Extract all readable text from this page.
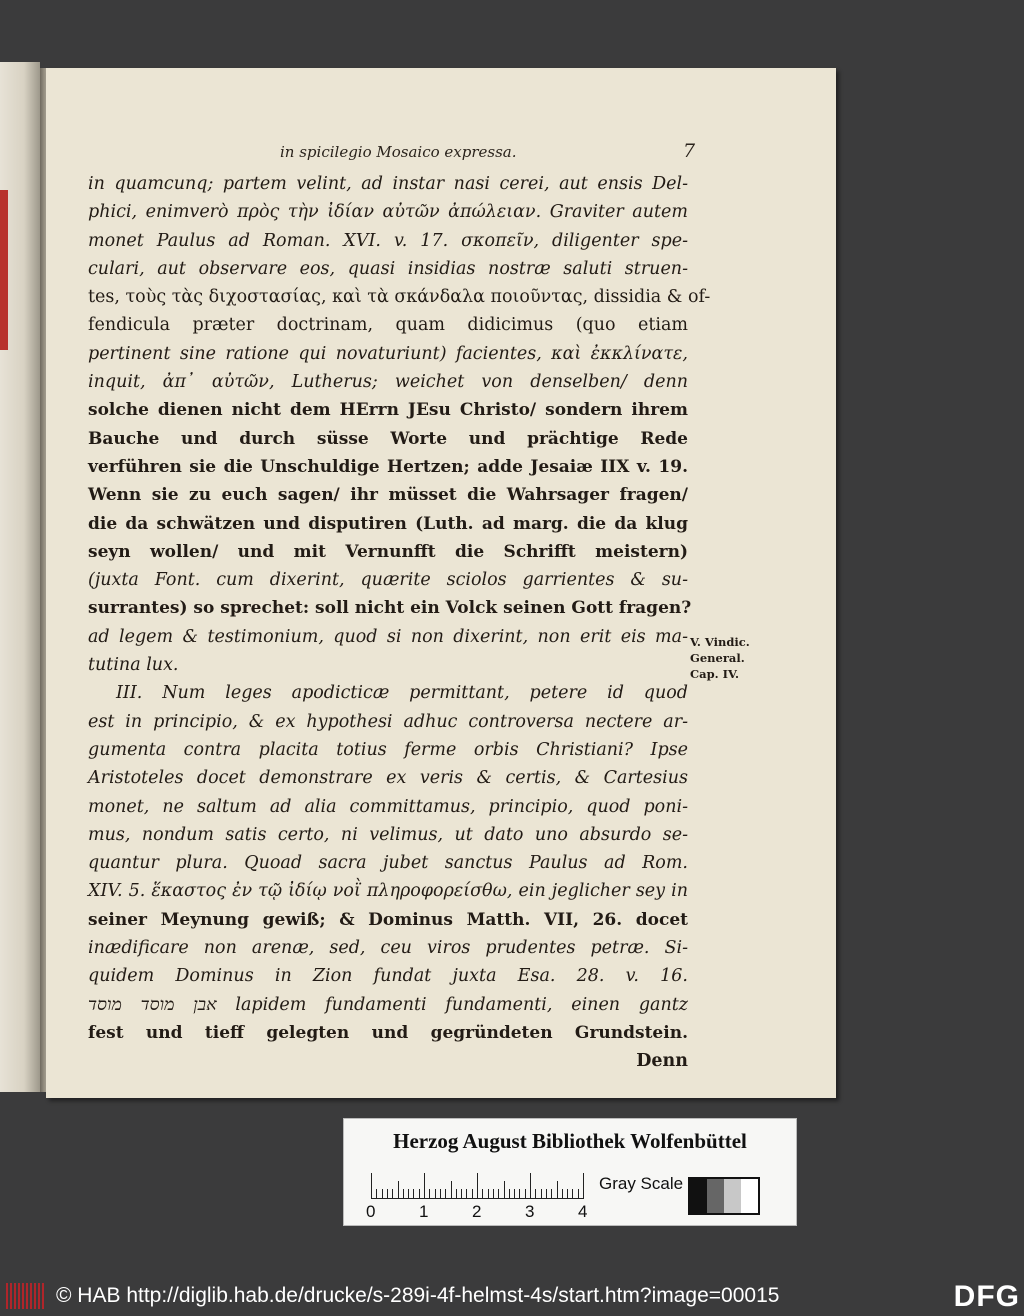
in spicilegio Mosaico expressa.	7
in quamcunq; partem velint, ad instar nasi cerei, aut ensis Del-
phici, enimverò πρὸς τὴν ἰδίαν αὐτῶν ἀπώλειαν. Graviter autem
monet Paulus ad Roman. XVI. v. 17. σκοπεῖν, diligenter spe-
culari, aut observare eos, quasi insidias nostræ saluti struen-
tes, τοὺς τὰς διχοστασίας, καὶ τὰ σκάνδαλα ποιοῦντας, dissidia & of-
fendicula præter doctrinam, quam didicimus (quo etiam
pertinent sine ratione qui novaturiunt) facientes, καὶ ἐκκλίνατε,
inquit, ἀπ᾽ αὐτῶν, Lutherus; weichet von denselben/ denn
solche dienen nicht dem HErrn JEsu Christo/ sondern ihrem
Bauche und durch süsse Worte und prächtige Rede
verführen sie die Unschuldige Hertzen; adde Jesaiæ IIX v. 19.
Wenn sie zu euch sagen/ ihr müsset die Wahrsager fragen/
die da schwätzen und disputiren (Luth. ad marg. die da klug
seyn wollen/ und mit Vernunfft die Schrifft meistern)
(juxta Font. cum dixerint, quærite sciolos garrientes & su-
surrantes) so sprechet: soll nicht ein Volck seinen Gott fragen?
ad legem & testimonium, quod si non dixerint, non erit eis ma-
tutina lux.
III. Num leges apodicticæ permittant, petere id quod
est in principio, & ex hypothesi adhuc controversa nectere ar-
gumenta contra placita totius ferme orbis Christiani? Ipse
Aristoteles docet demonstrare ex veris & certis, & Cartesius
monet, ne saltum ad alia committamus, principio, quod poni-
mus, nondum satis certo, ni velimus, ut dato uno absurdo se-
quantur plura. Quoad sacra jubet sanctus Paulus ad Rom.
XIV. 5. ἕκαστος ἐν τῷ ἰδίῳ νοῒ πληροφορείσθω, ein jeglicher sey in
seiner Meynung gewiß; & Dominus Matth. VII, 26. docet
inædificare non arenæ, sed, ceu viros prudentes petræ. Si-
quidem Dominus in Zion fundat juxta Esa. 28. v. 16.
אבן מוסד מוסד lapidem fundamenti fundamenti, einen gantz
fest und tieff gelegten und gegründeten Grundstein.
Denn
V. Vindic.
General.
Cap. IV.
Herzog August Bibliothek Wolfenbüttel
0	1	2	3	4
Gray Scale
© HAB http://diglib.hab.de/drucke/s-289i-4f-helmst-4s/start.htm?image=00015	DFG
